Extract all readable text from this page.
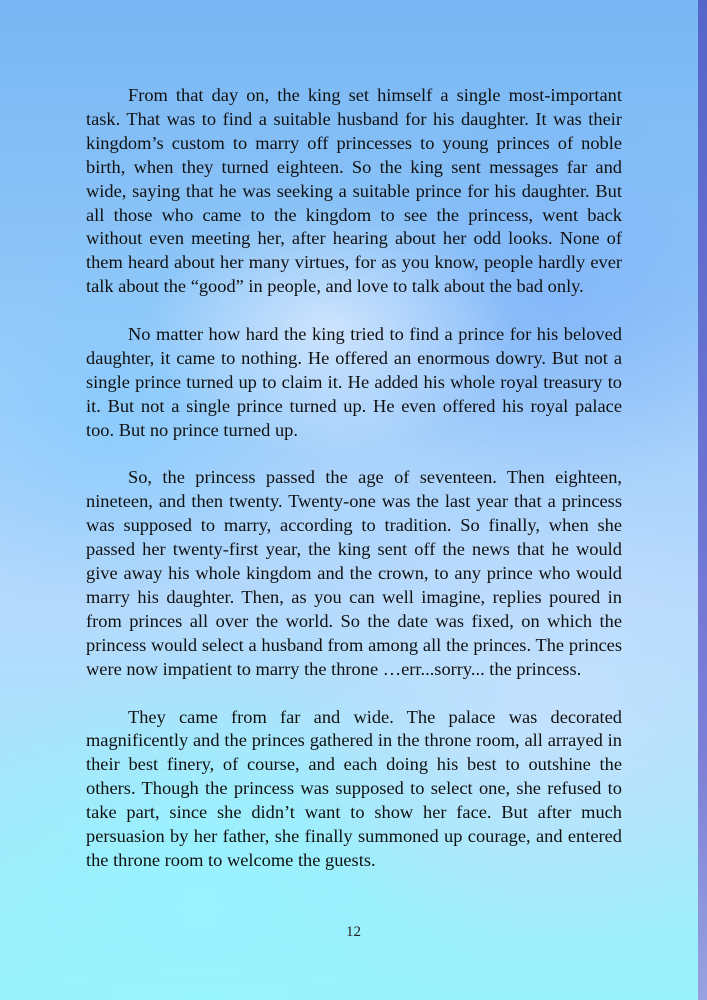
From that day on, the king set himself a single most-important task. That was to find a suitable husband for his daughter. It was their kingdom’s custom to marry off princesses to young princes of noble birth, when they turned eighteen. So the king sent messages far and wide, saying that he was seeking a suitable prince for his daughter. But all those who came to the kingdom to see the princess, went back without even meeting her, after hearing about her odd looks. None of them heard about her many virtues, for as you know, people hardly ever talk about the “good” in people, and love to talk about the bad only.

No matter how hard the king tried to find a prince for his beloved daughter, it came to nothing. He offered an enormous dowry. But not a single prince turned up to claim it. He added his whole royal treasury to it. But not a single prince turned up. He even offered his royal palace too. But no prince turned up.

So, the princess passed the age of seventeen. Then eighteen, nineteen, and then twenty. Twenty-one was the last year that a princess was supposed to marry, according to tradition. So finally, when she passed her twenty-first year, the king sent off the news that he would give away his whole kingdom and the crown, to any prince who would marry his daughter. Then, as you can well imagine, replies poured in from princes all over the world. So the date was fixed, on which the princess would select a husband from among all the princes. The princes were now impatient to marry the throne …err...sorry... the princess.

They came from far and wide. The palace was decorated magnificently and the princes gathered in the throne room, all arrayed in their best finery, of course, and each doing his best to outshine the others. Though the princess was supposed to select one, she refused to take part, since she didn’t want to show her face. But after much persuasion by her father, she finally summoned up courage, and entered the throne room to welcome the guests.

12
